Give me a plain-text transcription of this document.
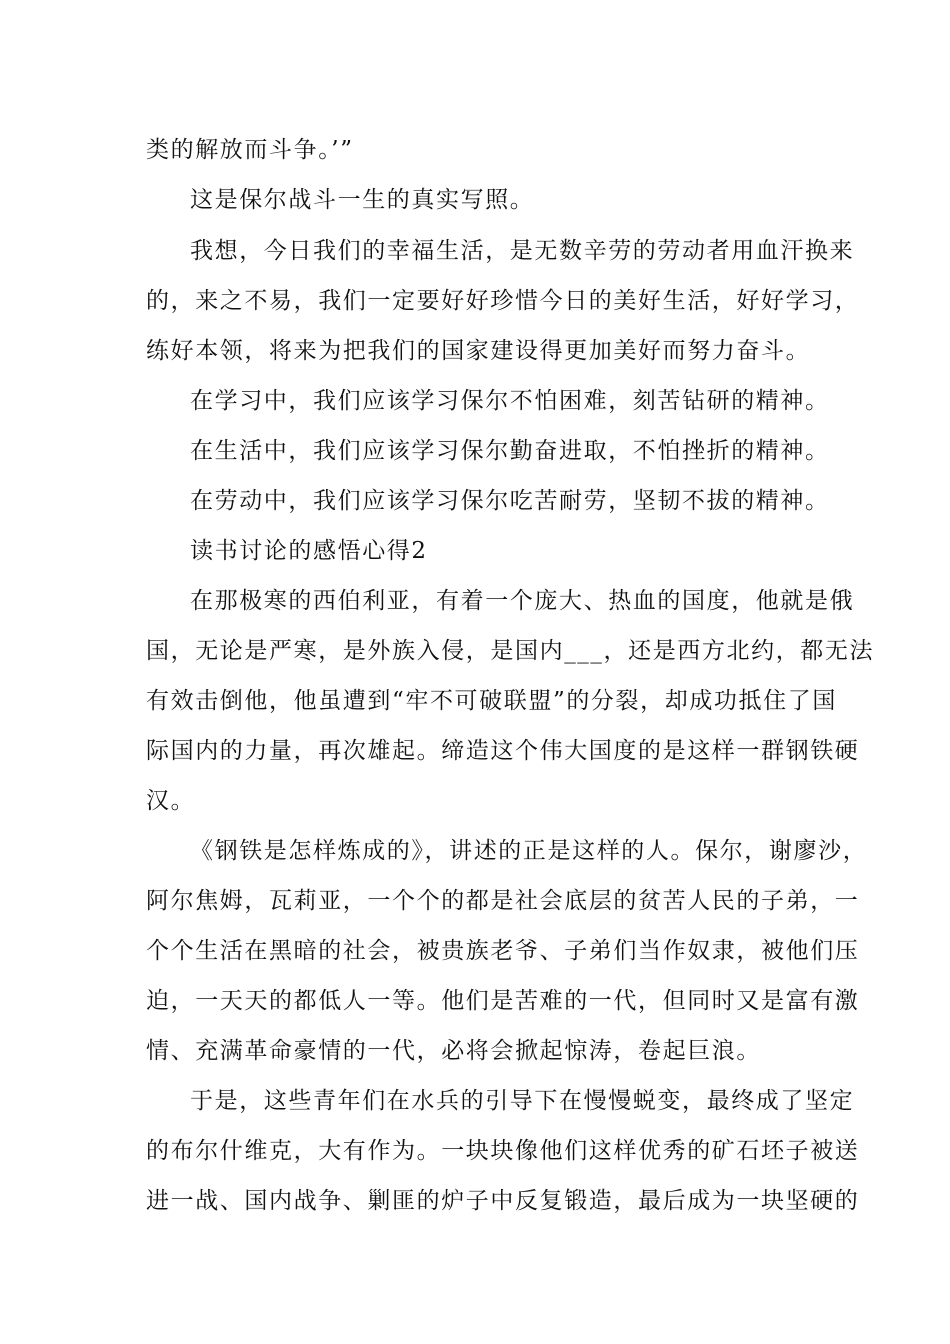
类的解放而斗争。’”
这是保尔战斗一生的真实写照。
我想，今日我们的幸福生活，是无数辛劳的劳动者用血汗换来
的，来之不易，我们一定要好好珍惜今日的美好生活，好好学习，
练好本领，将来为把我们的国家建设得更加美好而努力奋斗。
在学习中，我们应该学习保尔不怕困难，刻苦钻研的精神。
在生活中，我们应该学习保尔勤奋进取，不怕挫折的精神。
在劳动中，我们应该学习保尔吃苦耐劳，坚韧不拔的精神。
读书讨论的感悟心得2
在那极寒的西伯利亚，有着一个庞大、热血的国度，他就是俄
国，无论是严寒，是外族入侵，是国内___，还是西方北约，都无法
有效击倒他，他虽遭到“牢不可破联盟”的分裂，却成功抵住了国
际国内的力量，再次雄起。缔造这个伟大国度的是这样一群钢铁硬
汉。
《钢铁是怎样炼成的》，讲述的正是这样的人。保尔，谢廖沙，
阿尔焦姆，瓦莉亚，一个个的都是社会底层的贫苦人民的子弟，一
个个生活在黑暗的社会，被贵族老爷、子弟们当作奴隶，被他们压
迫，一天天的都低人一等。他们是苦难的一代，但同时又是富有激
情、充满革命豪情的一代，必将会掀起惊涛，卷起巨浪。
于是，这些青年们在水兵的引导下在慢慢蜕变，最终成了坚定
的布尔什维克，大有作为。一块块像他们这样优秀的矿石坯子被送
进一战、国内战争、剿匪的炉子中反复锻造，最后成为一块坚硬的
